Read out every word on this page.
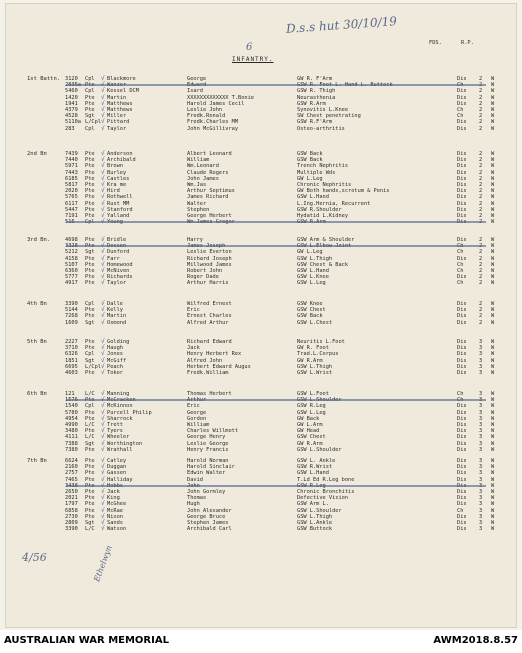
D.s.s hut 30/10/19
6	FDS.	R.P.
INFANTRY.
1st Battn. 3120 Cpl Blackmore	George	GW R. F'Arm	Dis 2 W
√
W
5460 Cpl Kessel DCM	Isard	GSW R. Thigh	Dis 2 W
√
1420 Pte Martin	XXXXXXXXXXXXX T.Bonie	Neurasthenia	Dis 2 W
√
1941 Pte Matthews	Harold James Cecil	GSW R.Arm	Dis 2 W
√
4379 Pte Matthews	Leslie John	Synovitis L.Knee	Ch	2 W
√
4528 Sgt Miller	Fredk.Ronald	SW Chest penetrating	Ch	2 W
√
5110a L/Cpl Pittard	Fredk.Charles MM	GSW R.F'Arm	Dis 2 W
√
283 Cpl Taylor	John McGillivray	Osteo-arthritis	Dis 2 W
√
2nd Bn	7439 Pte Anderson	Albert Leonard	GSW Back	Dis 2 W
√
7440 Pte Archibald	William	GSW Back	Dis 2 W
√
5971 Pte Brown	Wm.Leonard	Trench Nephritis	Dis 2 W
√
7443 Pte Burley	Claude Rogers	Multiple Wds	Dis 2 W
√
6185 Pte Castles	John James	GW L.Leg	Dis 2 W
√
5817 Pte Kra me	Wm.Jas	Chronic Nephritis	Dis 2 W
√
2020 Pte Hird	Arthur Septimus	GW Both hands,scrotum & Penis	Dis 2 W
√
5765 Pte Rothwell	James Richard	GSW L.Hand	Dis 2 W
√
6117 Pte Rust MM	Walter	L.Ing.Hernia, Recurrent	Dis 2 W
√
5447 Pte Stanford	Stephen	GSW R.Shoulder	Dis 2 W
√
7191 Pte Yalland	George Herbert	Hydatid L.Kidney	Dis 2 W
√
W
3rd Bn.	4698 Pte Bridle	Harry	GSW Arm & Shoulder	Dis 2 W
√
W
5212 Sgt Dunford	Leslie Everton	GW L.Leg	Ch	2 W
√
4158 Pte Farr	Richard Joseph	GSW L.Thigh	Dis 2 W
√
5107 Pte Homewood	Millwood James	GSW Chest & Back	Ch	2 W
√
6360 Pte McNiven	Robert John	GSW L.Hand	Ch	2 W
√
5777 Pte Richards	Roger Dade	GSW L.Knee	Dis 2 W
√
4917 Pte Taylor	Arthur Harris	GSW L.Leg	Ch	2 W
√
4th Bn	3390 Cpl Dalle	Wilfred Ernest	GSW Knee	Dis 2 W
√
5144 Pte Kelly	Eric	GSW Chest	Dis 2 W
√
7268 Pte Martin	Ernest Charles	GSW Back	Dis 2 W
√
1609 Sgt Osmond	Alfred Arthur	GSW L.Chest	Dis 2 W
√
5th Bn	2227 Pte Golding	Richard Edward	Neuritis L.Foot	Dis 3 W
√
3710 Pte Haugh	Jack	GW R. Foot	Dis 3 W
√
6326 Cpl Jones	Henry Herbert Rex	Trad.L.Corpus	Dis 3 W
√
1851 Sgt McGiff	Alfred John	GW R.Arm	Dis 3 W
√
6695 L/Cpl Peach	Herbert Edward Augus	GSW L.Thigh	Dis 3 W
√
4603 Pte Toker	Fredk.William	GSW L.Wrist	Dis 3 W
√
6th Bn	121 L/C Manning	Thomas Herbert	GSW L.Foot	Ch	3 W
√
W
1540 Cpl McKinnon	Eric	GSW R.Leg	Dis 3 W
√
5780 Pte Purcell Philip	George	GSW L.Leg	Dis 3 W
√
4954 Pte Sharrock	Gordon	GW Back	Dis 3 W
√
4990 L/C Trett	William	GW L.Arm	Dis 3 W
√
3480 Pte Tyers	Charles Willmott	GW Head	Dis 3 W
√
4111 L/C Wheeler	George Henry	GSW Chest	Dis 3 W
√
7388 Sgt Worthington	Leslie George	GW R.Arm	Dis 3 W
√
7380 Pte Wrathall	Henry Francis	GSW L.Shoulder	Dis 3 W
√
7th Bn	6624 Pte Catley	Harold Norman	GSW L. Ankle	Dis 3 W
√
2160 Pte Duggan	Harold Sinclair	GSW R.Wrist	Dis 3 W
√
2757 Pte Gassen	Edwin Walter	GSW L.Hand	Dis 3 W
√
7465 Pte Halliday	David	T.Ld Ed R.Leg bone	Dis 3 W
√
W
2650 Pte Jack	John Gormley	Chronic Bronchitis	Dis 3 W
√
2021 Pte King	Thomas	Defective Vision	Dis 3 W
√
1797 Pte McGhee	Hugh	GSW Arm L.	Dis 3 W
√
6858 Pte McRae	John Alexander	GSW L.Shoulder	Ch	3 W
√
2730 Pte Nixon	George Bruce	GSW L.Thigh	Dis 3 W
√
2809 Sgt Sands	Stephen James	GSW L.Ankle	Dis 3 W
√
3390 L/C Watson	Archibald Carl	GSW Buttock	Dis 3 W
√
4/56	Ethelwyn
AUSTRALIAN WAR MEMORIAL	AWM2018.8.57
